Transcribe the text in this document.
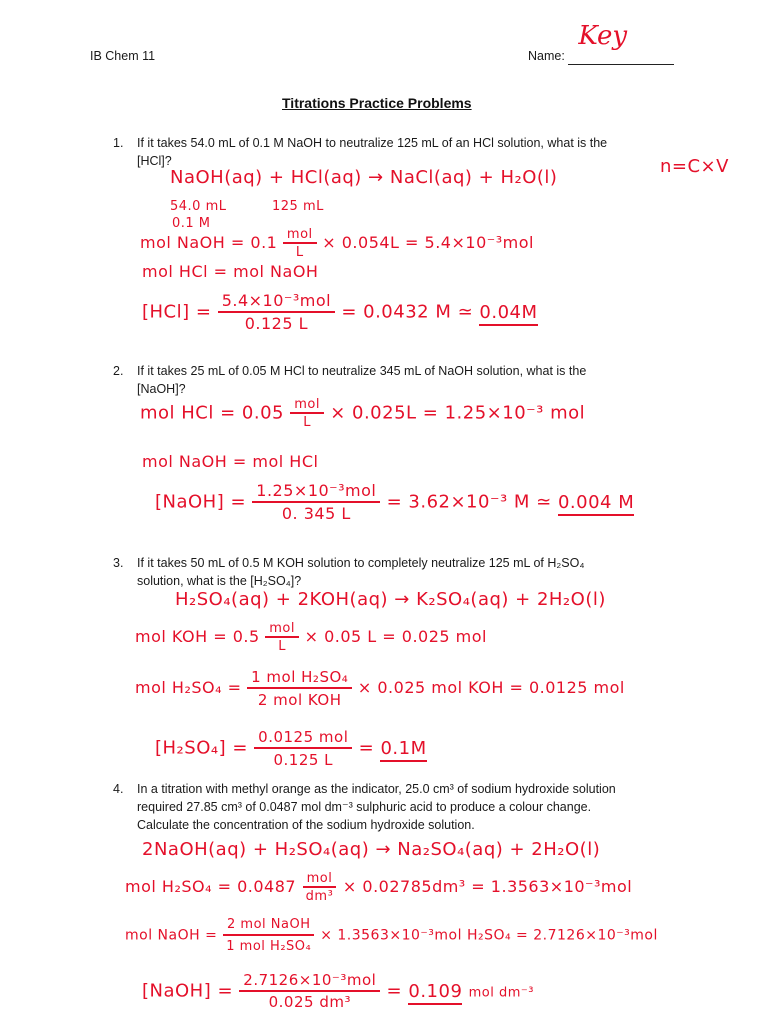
IB Chem 11	Name:
Key
Titrations Practice Problems
1. If it takes 54.0 mL of 0.1 M NaOH to neutralize 125 mL of an HCl solution, what is the
[HCl]?
NaOH(aq) + HCl(aq) → NaCl(aq) + H₂O(l)
n=C×V
54.0 mL	125 mL
0.1 M
mol NaOH = $0.1 \frac{\text{mol}}{L} \times 0.054L = 5.4\times 10^{-3}mol$
mol HCl = mol NaOH
$[HCl] = \frac{\text{5.4×10⁻³mol}}{0.125 L} = 0.0432$ M ≃ 0.04M
2. If it takes 25 mL of 0.05 M HCl to neutralize 345 mL of NaOH solution, what is the
[NaOH]?
mol HCl = $0.05 \frac{\text{mol}}{L} \times 0.025L = 1.25\times 10^{-3}$ mol
mol NaOH = mol HCl
[NaOH] = $\frac{\text{1.25×10⁻³mol}}{0. 345 L} = 3.62\times 10^{-3}$ M ≃ 0.004 M
3. If it takes 50 mL of 0.5 M KOH solution to completely neutralize 125 mL of H₂SO₄
solution, what is the [H₂SO₄]?
H₂SO₄(aq) + 2KOH(aq) → K₂SO₄(aq) + 2H₂O(l)
mol KOH = $0.5 \frac{\text{mol}}{L} \times 0.05$ L = 0.025 mol
mol $H_2SO_4 = \frac{\text{1 mol H₂SO₄}}{\text{2 mol KOH}} \times 0.025$ mol KOH = 0.0125 mol
$[H_2SO_4] = \frac{\text{0.0125 mol}}{0.125 L} = 0.1M$
4. In a titration with methyl orange as the indicator, 25.0 cm³ of sodium hydroxide solution
required 27.85 cm³ of 0.0487 mol dm⁻³ sulphuric acid to produce a colour change.
Calculate the concentration of the sodium hydroxide solution.
2NaOH(aq) + H₂SO₄(aq) → Na₂SO₄(aq) + 2H₂O(l)
mol $H_2SO_4 = 0.0487 \frac{\text{mol}}{\text{dm³}} \times 0.02785dm^3 = 1.3563\times 10^{-3}mol$
mol NaOH = $\frac{\text{2 mol NaOH}}{\text{1 mol H₂SO₄}} \times 1.3563\times 10^{-3}mol$ H₂SO₄ = 2.7126×10⁻³mol
[NaOH] = $\frac{\text{2.7126×10⁻³mol}}{\text{0.025 dm³}} = 0.109$ mol dm⁻³
